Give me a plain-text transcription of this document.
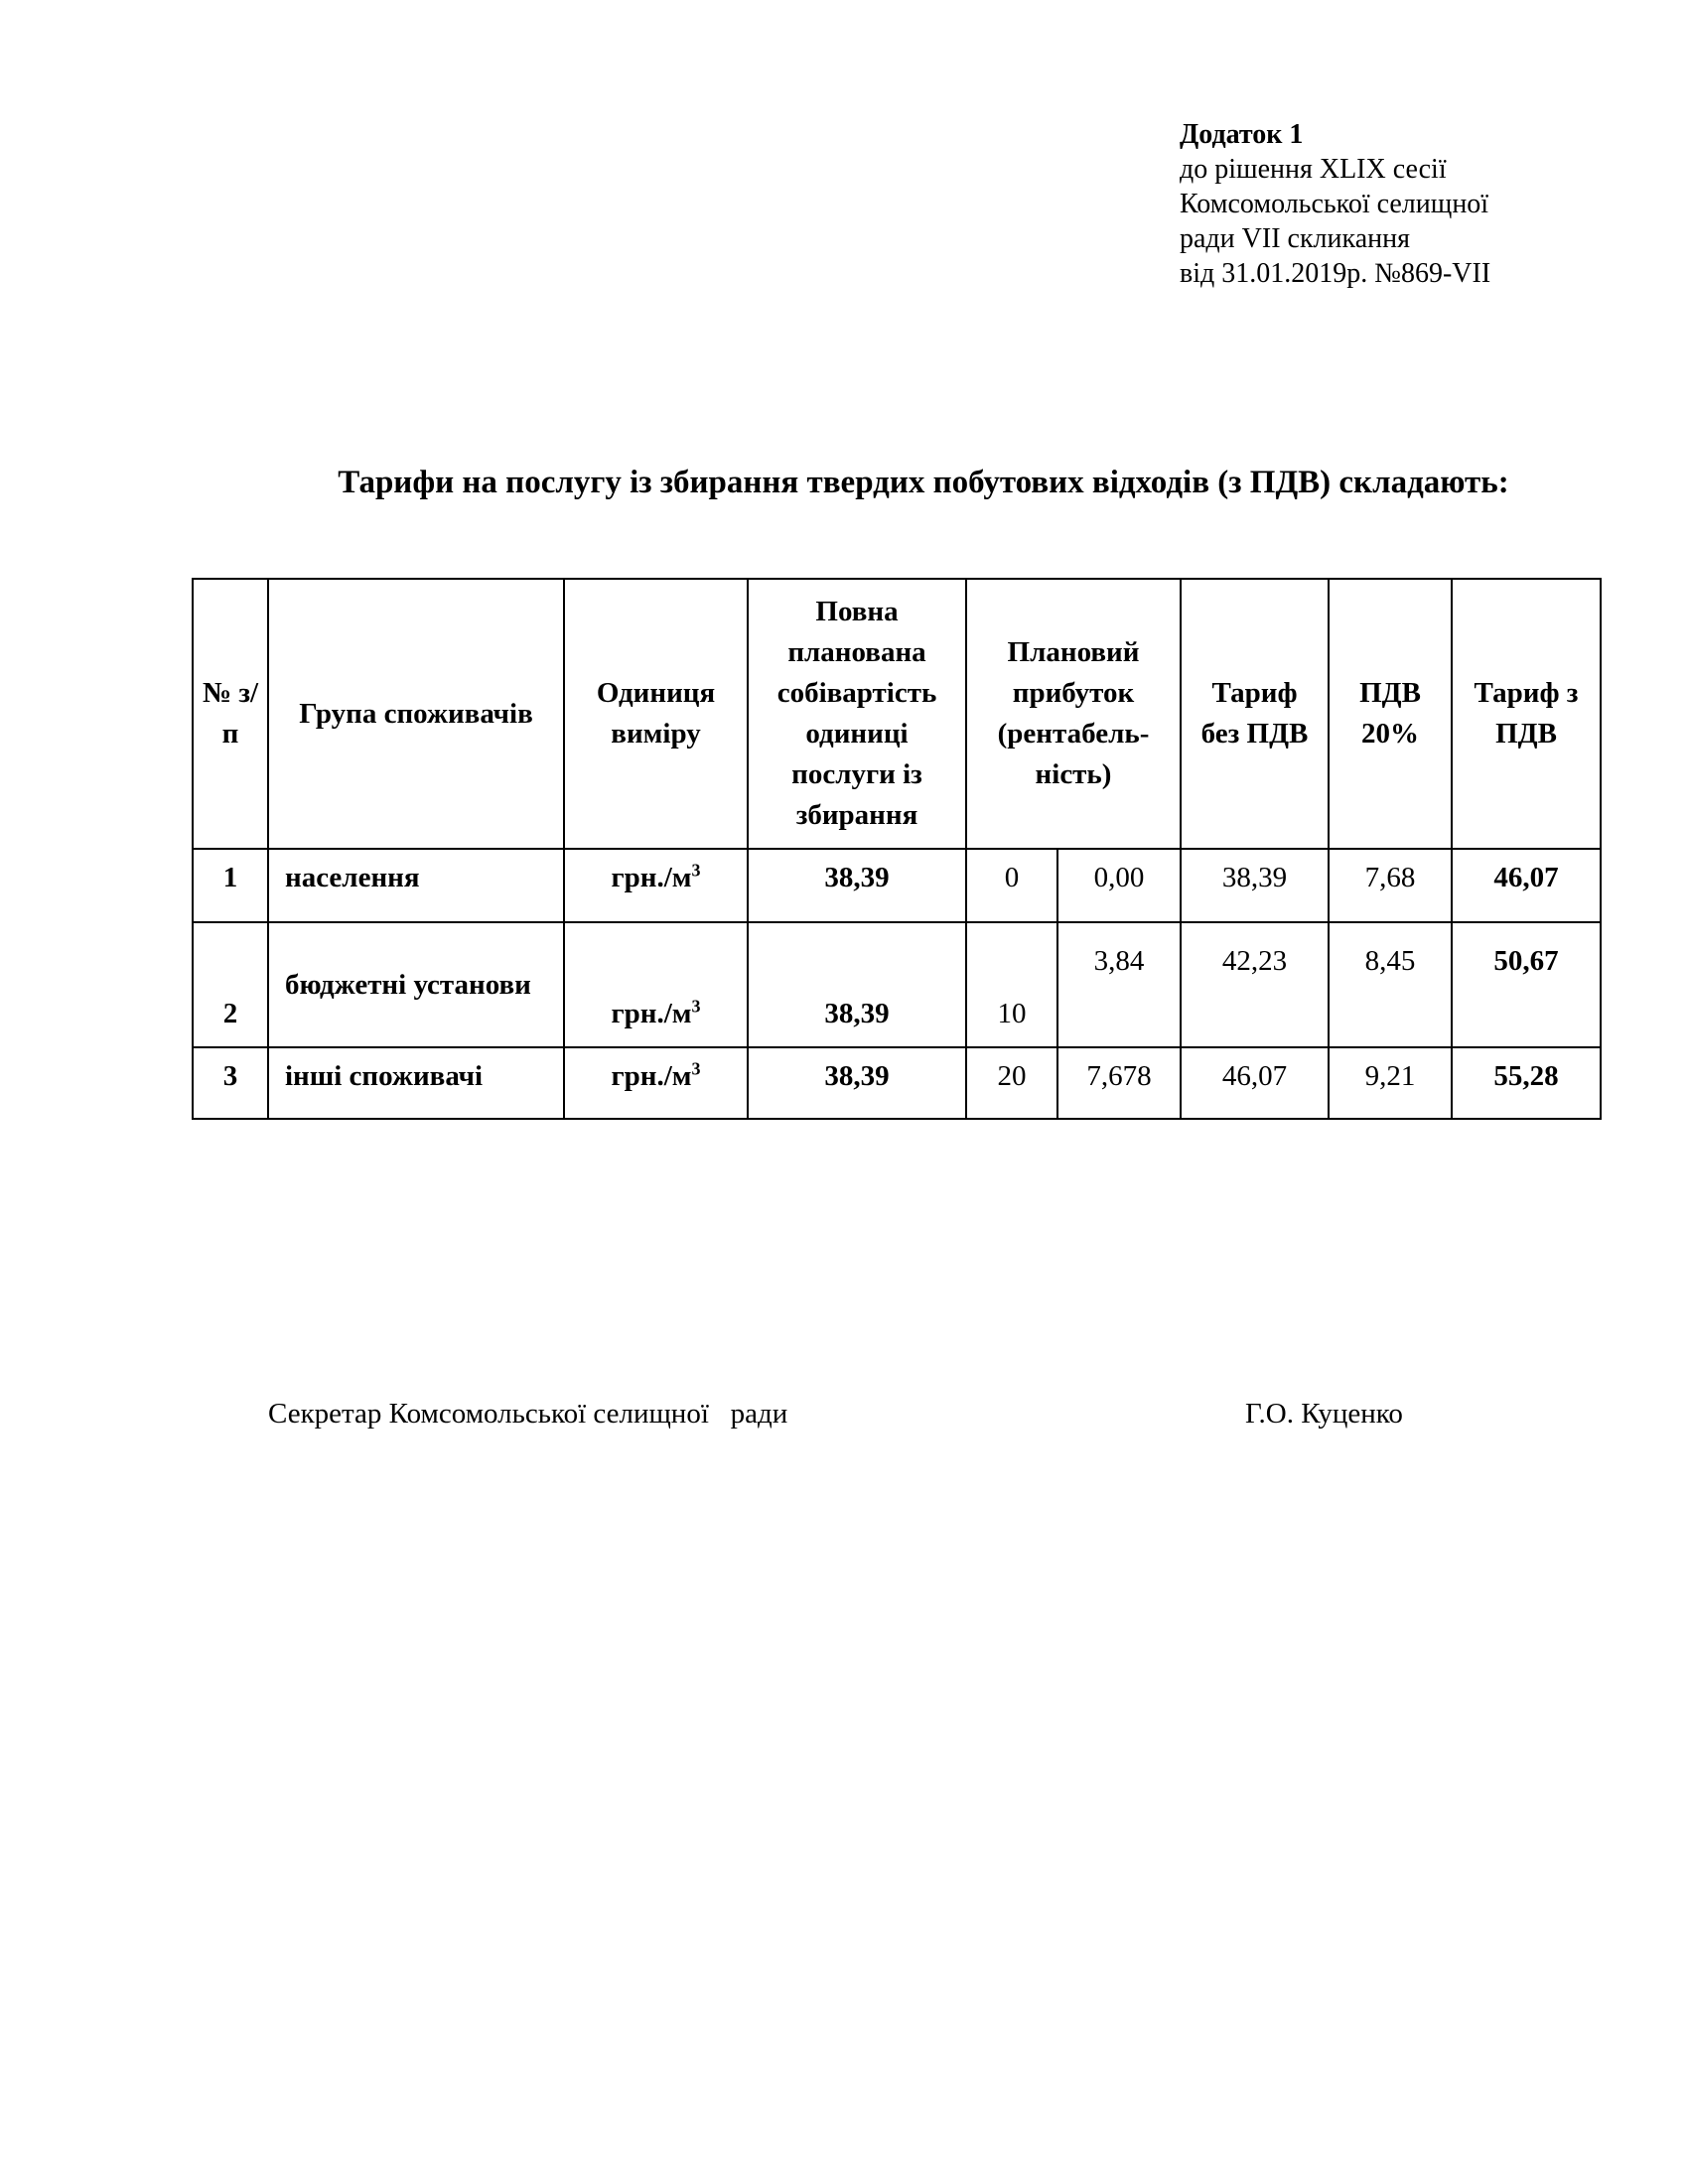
Додаток 1
до рішення XLIX сесії
Комсомольської селищної
ради VII скликання
від 31.01.2019р. №869-VII
Тарифи на послугу із збирання твердих побутових відходів (з ПДВ) складають:
№ з/п	Група споживачів	Одиниця виміру	Повна планована собівартість одиниці послуги із збирання	Плановий прибуток (рентабель-ність)		Тариф без ПДВ	ПДВ 20%	Тариф з ПДВ
1	населення	$грн./м^3$	38,39	0	0,00	38,39	7,68	46,07
2	бюджетні установи	$грн./м^3$	38,39	10	3,84	42,23	8,45	50,67
3	інші споживачі	$грн./м^3$	38,39	20	7,678	46,07	9,21	55,28
Секретар Комсомольської селищної   ради	Г.О. Куценко
